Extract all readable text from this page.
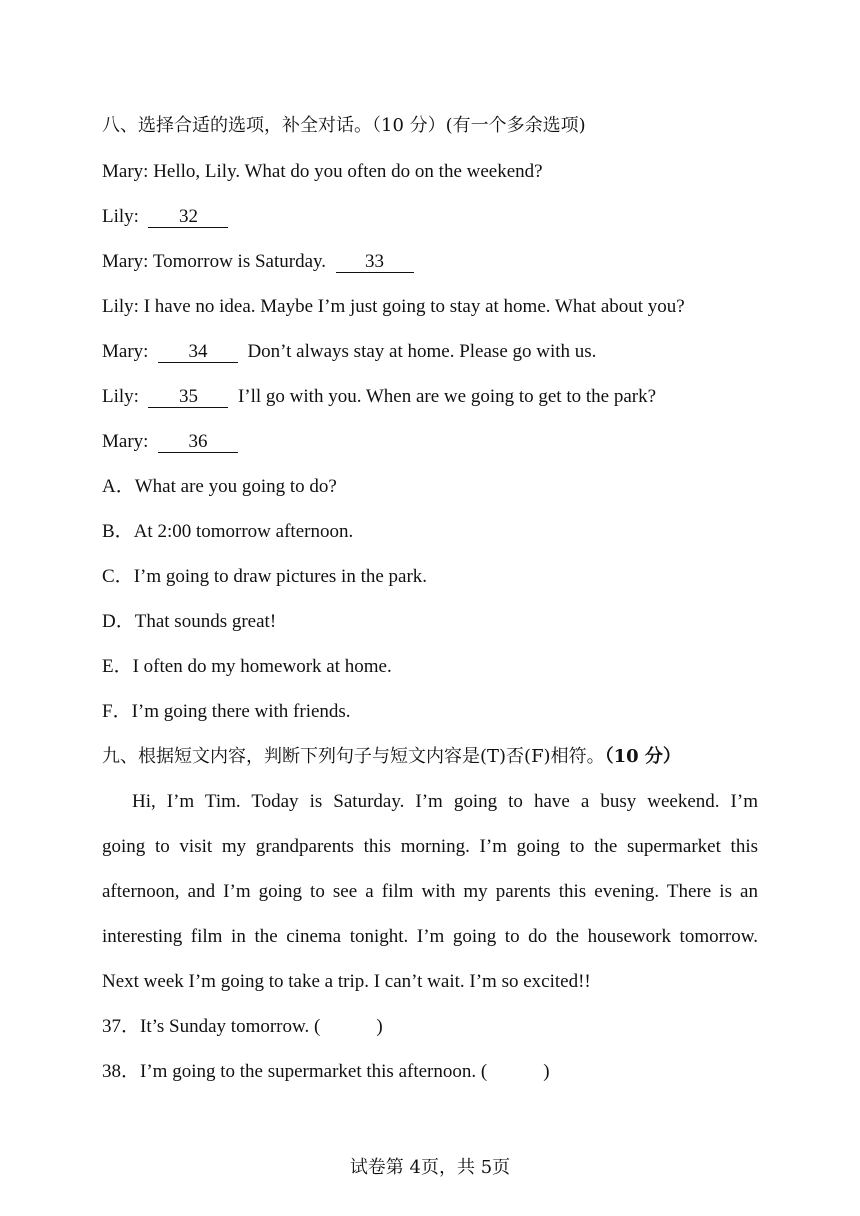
八、选择合适的选项，补全对话。（10 分）(有一个多余选项)
Mary: Hello, Lily. What do you often do on the weekend?
Lily: 32
Mary: Tomorrow is Saturday. 33
Lily: I have no idea. Maybe I’m just going to stay at home. What about you?
Mary: 34 Don’t always stay at home. Please go with us.
Lily: 35 I’ll go with you. When are we going to get to the park?
Mary: 36
A．What are you going to do?
B．At 2:00 tomorrow afternoon.
C．I’m going to draw pictures in the park.
D．That sounds great!
E．I often do my homework at home.
F．I’m going there with friends.
九、根据短文内容，判断下列句子与短文内容是(T)否(F)相符。（10 分）
Hi, I’m Tim. Today is Saturday. I’m going to have a busy weekend. I’m
going to visit my grandparents this morning. I’m going to the supermarket this
afternoon, and I’m going to see a film with my parents this evening. There is an
interesting film in the cinema tonight. I’m going to do the housework tomorrow.
Next week I’m going to take a trip. I can’t wait. I’m so excited!!
37．It’s Sunday tomorrow. (	)
38．I’m going to the supermarket this afternoon. (	)
试卷第 4页，共 5页
